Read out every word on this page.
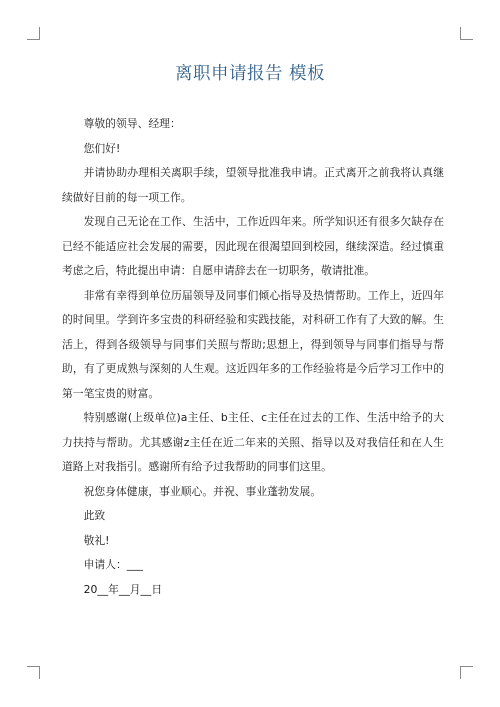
离职申请报告 模板

尊敬的领导、经理：

您们好!

并请协助办理相关离职手续，望领导批准我申请。正式离开之前我将认真继续做好目前的每一项工作。

发现自己无论在工作、生活中，工作近四年来。所学知识还有很多欠缺存在已经不能适应社会发展的需要，因此现在很渴望回到校园，继续深造。经过慎重考虑之后，特此提出申请：自愿申请辞去在一切职务，敬请批准。

非常有幸得到单位历届领导及同事们倾心指导及热情帮助。工作上，近四年的时间里。学到许多宝贵的科研经验和实践技能，对科研工作有了大致的解。生活上，得到各级领导与同事们关照与帮助;思想上，得到领导与同事们指导与帮助，有了更成熟与深刻的人生观。这近四年多的工作经验将是今后学习工作中的第一笔宝贵的财富。

特别感谢(上级单位)a主任、b主任、c主任在过去的工作、生活中给予的大力扶持与帮助。尤其感谢z主任在近二年来的关照、指导以及对我信任和在人生道路上对我指引。感谢所有给予过我帮助的同事们这里。

祝您身体健康，事业顺心。并祝、事业蓬勃发展。

此致

敬礼!

申请人：___

20__年__月__日
